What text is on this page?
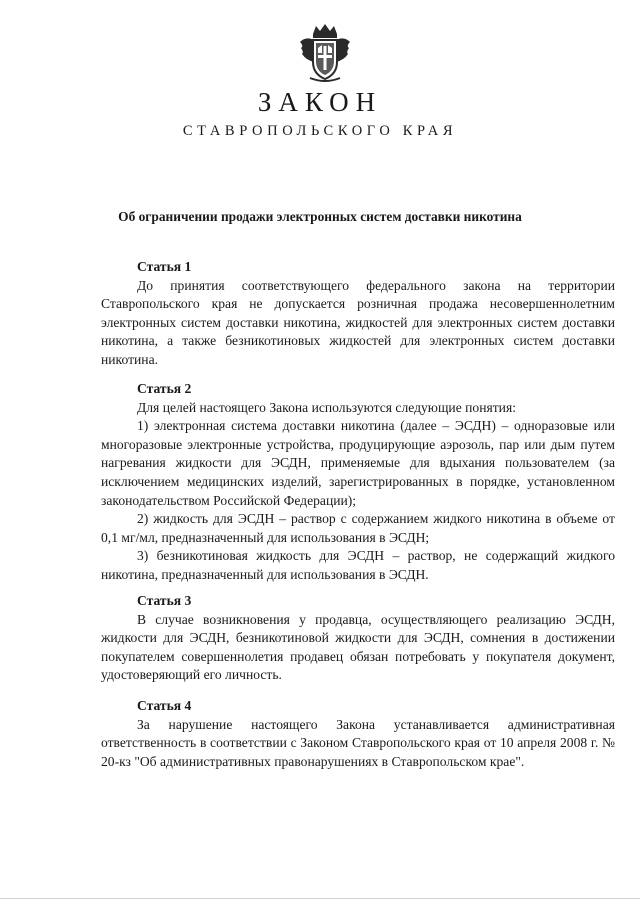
ЗАКОН
СТАВРОПОЛЬСКОГО КРАЯ
Об ограничении продажи электронных систем доставки никотина

Статья 1

До принятия соответствующего федерального закона на территории Ставропольского края не допускается розничная продажа несовершеннолетним электронных систем доставки никотина, жидкостей для электронных систем доставки никотина, а также безникотиновых жидкостей для электронных систем доставки никотина.

Статья 2

Для целей настоящего Закона используются следующие понятия:

1) электронная система доставки никотина (далее – ЭСДН) – одноразовые или многоразовые электронные устройства, продуцирующие аэрозоль, пар или дым путем нагревания жидкости для ЭСДН, применяемые для вдыхания пользователем (за исключением медицинских изделий, зарегистрированных в порядке, установленном законодательством Российской Федерации);

2) жидкость для ЭСДН – раствор с содержанием жидкого никотина в объеме от 0,1 мг/мл, предназначенный для использования в ЭСДН;

3) безникотиновая жидкость для ЭСДН – раствор, не содержащий жидкого никотина, предназначенный для использования в ЭСДН.

Статья 3

В случае возникновения у продавца, осуществляющего реализацию ЭСДН, жидкости для ЭСДН, безникотиновой жидкости для ЭСДН, сомнения в достижении покупателем совершеннолетия продавец обязан потребовать у покупателя документ, удостоверяющий его личность.

Статья 4

За нарушение настоящего Закона устанавливается административная ответственность в соответствии с Законом Ставропольского края от 10 апреля 2008 г. № 20-кз "Об административных правонарушениях в Ставропольском крае".
